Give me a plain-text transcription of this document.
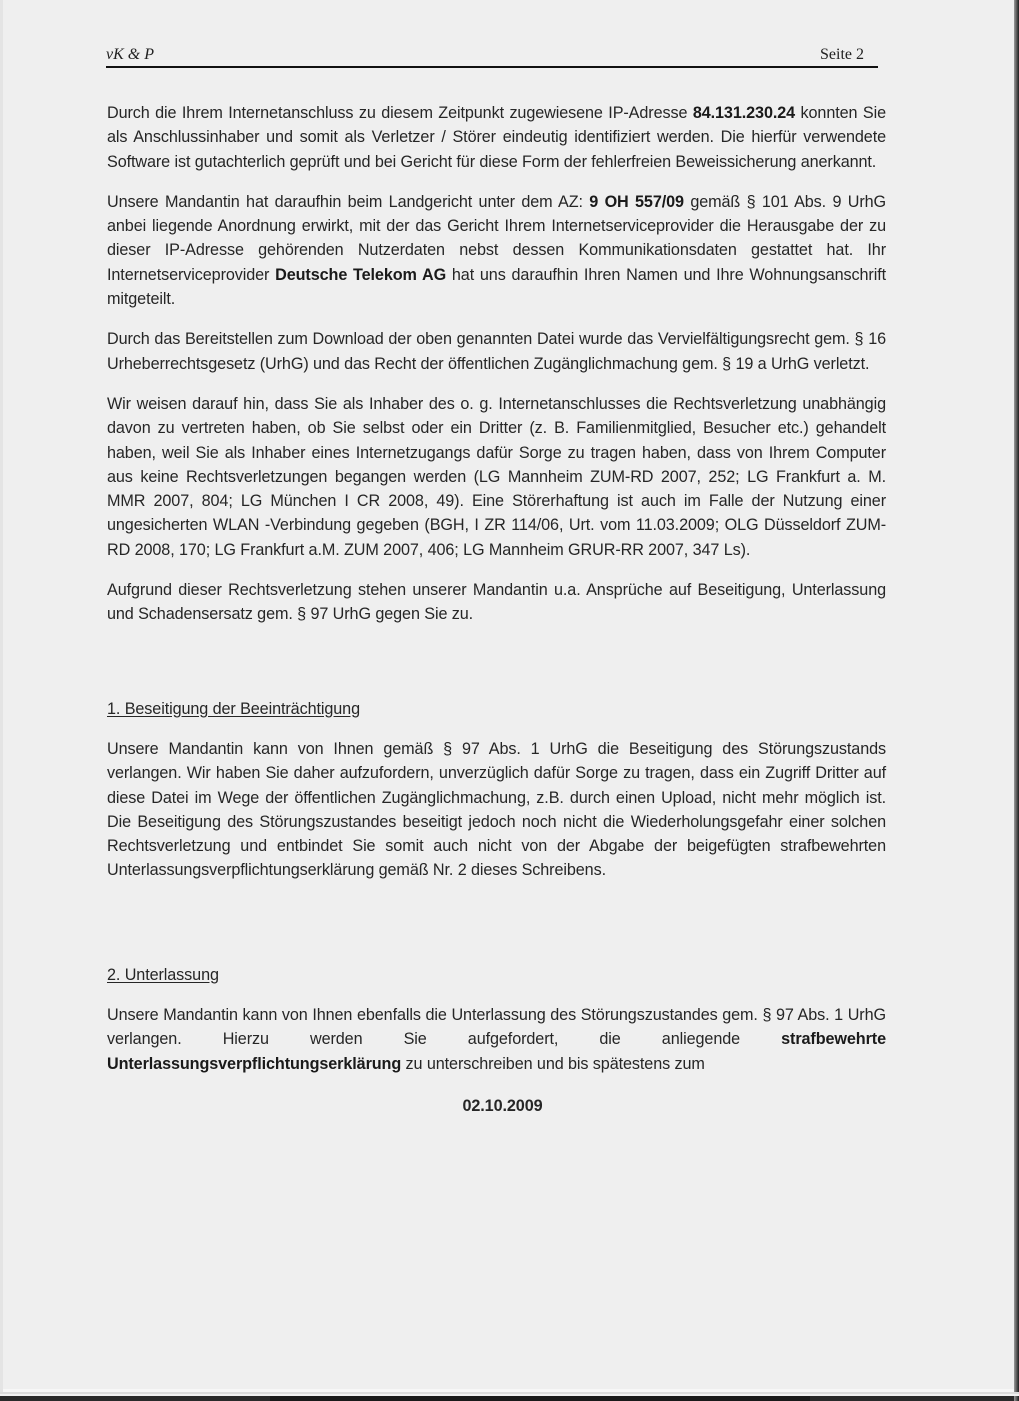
vK & P	Seite 2

Durch die Ihrem Internetanschluss zu diesem Zeitpunkt zugewiesene IP-Adresse 84.131.230.24 konnten Sie als Anschlussinhaber und somit als Verletzer / Störer eindeutig identifiziert werden. Die hierfür verwendete Software ist gutachterlich geprüft und bei Gericht für diese Form der fehlerfreien Beweissicherung anerkannt.

Unsere Mandantin hat daraufhin beim Landgericht unter dem AZ: 9 OH 557/09 gemäß § 101 Abs. 9 UrhG anbei liegende Anordnung erwirkt, mit der das Gericht Ihrem Internetserviceprovider die Herausgabe der zu dieser IP-Adresse gehörenden Nutzerdaten nebst dessen Kommunikationsdaten gestattet hat. Ihr Internetserviceprovider Deutsche Telekom AG hat uns daraufhin Ihren Namen und Ihre Wohnungsanschrift mitgeteilt.

Durch das Bereitstellen zum Download der oben genannten Datei wurde das Vervielfältigungsrecht gem. § 16 Urheberrechtsgesetz (UrhG) und das Recht der öffentlichen Zugänglichmachung gem. § 19 a UrhG verletzt.

Wir weisen darauf hin, dass Sie als Inhaber des o. g. Internetanschlusses die Rechtsverletzung unabhängig davon zu vertreten haben, ob Sie selbst oder ein Dritter (z. B. Familienmitglied, Besucher etc.) gehandelt haben, weil Sie als Inhaber eines Internetzugangs dafür Sorge zu tragen haben, dass von Ihrem Computer aus keine Rechtsverletzungen begangen werden (LG Mannheim ZUM-RD 2007, 252; LG Frankfurt a. M. MMR 2007, 804; LG München I CR 2008, 49). Eine Störerhaftung ist auch im Falle der Nutzung einer ungesicherten WLAN -Verbindung gegeben (BGH, I ZR 114/06, Urt. vom 11.03.2009; OLG Düsseldorf ZUM-RD 2008, 170; LG Frankfurt a.M. ZUM 2007, 406; LG Mannheim GRUR-RR 2007, 347 Ls).

Aufgrund dieser Rechtsverletzung stehen unserer Mandantin u.a. Ansprüche auf Beseitigung, Unterlassung und Schadensersatz gem. § 97 UrhG gegen Sie zu.

1. Beseitigung der Beeinträchtigung

Unsere Mandantin kann von Ihnen gemäß § 97 Abs. 1 UrhG die Beseitigung des Störungszustands verlangen. Wir haben Sie daher aufzufordern, unverzüglich dafür Sorge zu tragen, dass ein Zugriff Dritter auf diese Datei im Wege der öffentlichen Zugänglichmachung, z.B. durch einen Upload, nicht mehr möglich ist. Die Beseitigung des Störungszustandes beseitigt jedoch noch nicht die Wiederholungsgefahr einer solchen Rechtsverletzung und entbindet Sie somit auch nicht von der Abgabe der beigefügten strafbewehrten Unterlassungsverpflichtungserklärung gemäß Nr. 2 dieses Schreibens.

2. Unterlassung

Unsere Mandantin kann von Ihnen ebenfalls die Unterlassung des Störungszustandes gem. § 97 Abs. 1 UrhG verlangen. Hierzu werden Sie aufgefordert, die anliegende strafbewehrte Unterlassungsverpflichtungserklärung zu unterschreiben und bis spätestens zum

02.10.2009
